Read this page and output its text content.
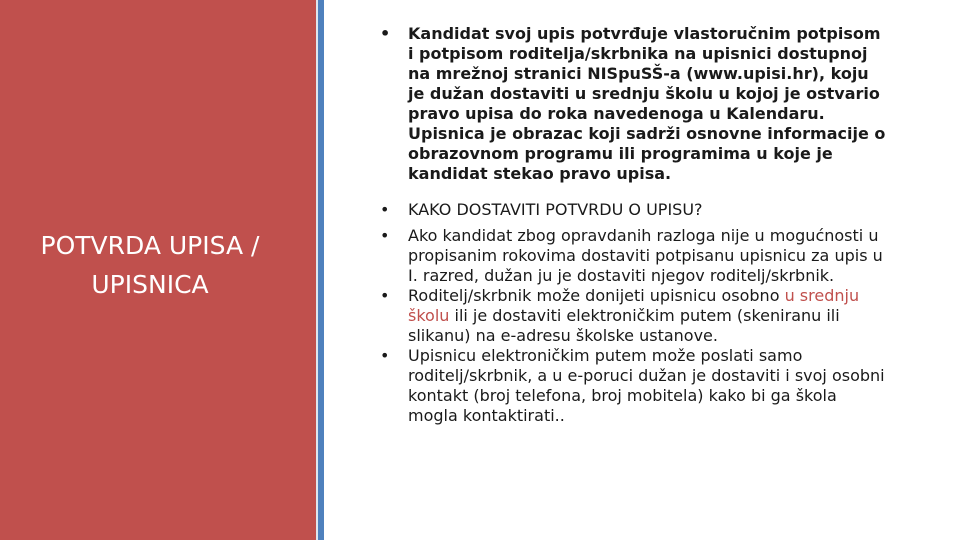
POTVRDA UPISA / UPISNICA
• Kandidat svoj upis potvrđuje vlastoručnim potpisom i potpisom roditelja/skrbnika na upisnici dostupnoj na mrežnoj stranici NISpuSŠ-a (www.upisi.hr), koju je dužan dostaviti u srednju školu u kojoj je ostvario pravo upisa do roka navedenoga u Kalendaru. Upisnica je obrazac koji sadrži osnovne informacije o obrazovnom programu ili programima u koje je kandidat stekao pravo upisa.
• KAKO DOSTAVITI POTVRDU O UPISU?
• Ako kandidat zbog opravdanih razloga nije u mogućnosti u propisanim rokovima dostaviti potpisanu upisnicu za upis u I. razred, dužan ju je dostaviti njegov roditelj/skrbnik.
• Roditelj/skrbnik može donijeti upisnicu osobno u srednju školu ili je dostaviti elektroničkim putem (skeniranu ili slikanu) na e-adresu školske ustanove.
• Upisnicu elektroničkim putem može poslati samo roditelj/skrbnik, a u e-poruci dužan je dostaviti i svoj osobni kontakt (broj telefona, broj mobitela) kako bi ga škola mogla kontaktirati..
